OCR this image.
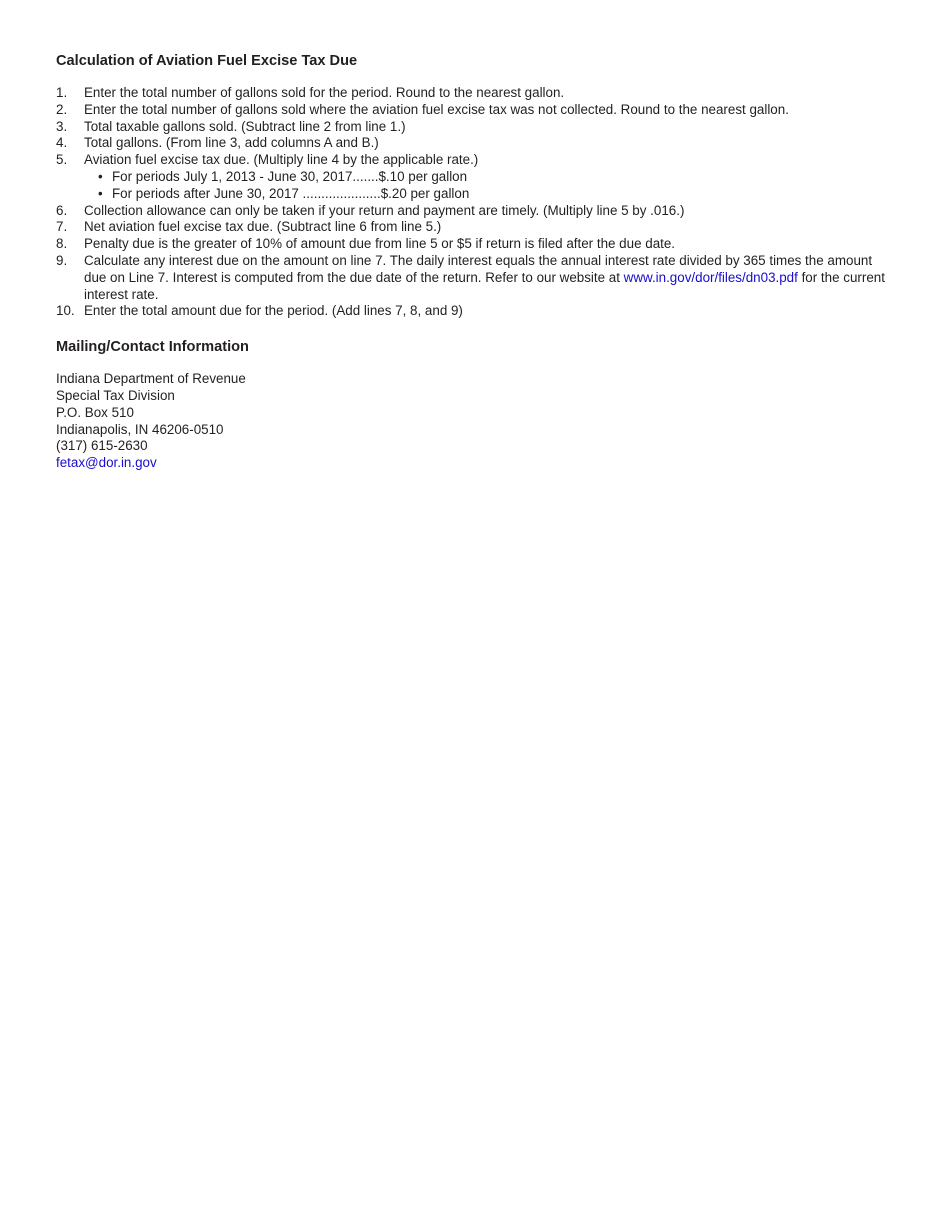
Calculation of Aviation Fuel Excise Tax Due
1.	Enter the total number of gallons sold for the period. Round to the nearest gallon.
2.	Enter the total number of gallons sold where the aviation fuel excise tax was not collected. Round to the nearest gallon.
3.	Total taxable gallons sold. (Subtract line 2 from line 1.)
4.	Total gallons. (From line 3, add columns A and B.)
5.	Aviation fuel excise tax due. (Multiply line 4 by the applicable rate.)
• For periods July 1, 2013 - June 30, 2017....... $.10 per gallon
• For periods after June 30, 2017 ..................... $.20 per gallon
6.	Collection allowance can only be taken if your return and payment are timely. (Multiply line 5 by .016.)
7.	Net aviation fuel excise tax due. (Subtract line 6 from line 5.)
8.	Penalty due is the greater of 10% of amount due from line 5 or $5 if return is filed after the due date.
9.	Calculate any interest due on the amount on line 7. The daily interest equals the annual interest rate divided by 365 times the amount due on Line 7. Interest is computed from the due date of the return. Refer to our website at www.in.gov/dor/files/dn03.pdf for the current interest rate.
10. Enter the total amount due for the period. (Add lines 7, 8, and 9)
Mailing/Contact Information
Indiana Department of Revenue
Special Tax Division
P.O. Box 510
Indianapolis, IN 46206-0510
(317) 615-2630
fetax@dor.in.gov
